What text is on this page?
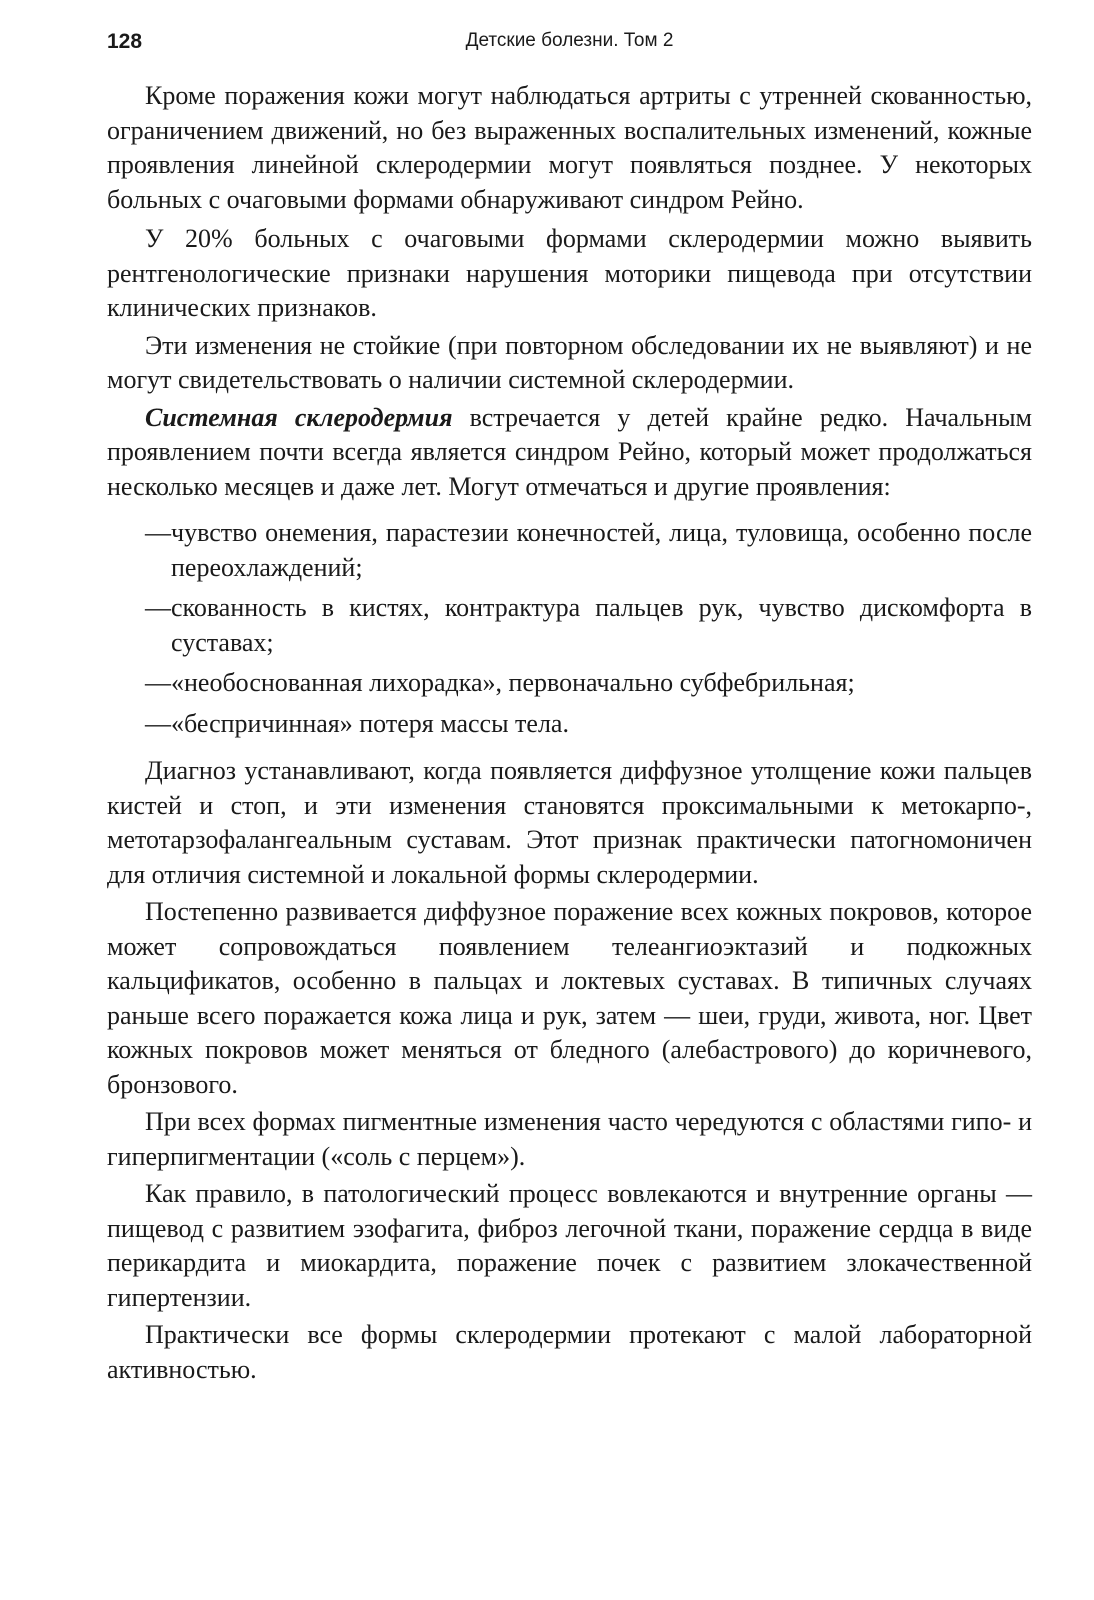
128	Детские болезни. Том 2

Кроме поражения кожи могут наблюдаться артриты с утренней скованностью, ограничением движений, но без выраженных воспалительных изменений, кожные проявления линейной склеродермии могут появляться позднее. У некоторых больных с очаговыми формами обнаруживают синдром Рейно.

У 20% больных с очаговыми формами склеродермии можно выявить рентгенологические признаки нарушения моторики пищевода при отсутствии клинических признаков.

Эти изменения не стойкие (при повторном обследовании их не выявляют) и не могут свидетельствовать о наличии системной склеродермии.

Системная склеродермия встречается у детей крайне редко. Начальным проявлением почти всегда является синдром Рейно, который может продолжаться несколько месяцев и даже лет. Могут отмечаться и другие проявления:

— чувство онемения, парастезии конечностей, лица, туловища, особенно после переохлаждений;
— скованность в кистях, контрактура пальцев рук, чувство дискомфорта в суставах;
— «необоснованная лихорадка», первоначально субфебрильная;
— «беспричинная» потеря массы тела.

Диагноз устанавливают, когда появляется диффузное утолщение кожи пальцев кистей и стоп, и эти изменения становятся проксимальными к метокарпо-, метотарзофалангеальным суставам. Этот признак практически патогномоничен для отличия системной и локальной формы склеродермии.

Постепенно развивается диффузное поражение всех кожных покровов, которое может сопровождаться появлением телеангиоэктазий и подкожных кальцификатов, особенно в пальцах и локтевых суставах. В типичных случаях раньше всего поражается кожа лица и рук, затем — шеи, груди, живота, ног. Цвет кожных покровов может меняться от бледного (алебастрового) до коричневого, бронзового.

При всех формах пигментные изменения часто чередуются с областями гипо- и гиперпигментации («соль с перцем»).

Как правило, в патологический процесс вовлекаются и внутренние органы — пищевод с развитием эзофагита, фиброз легочной ткани, поражение сердца в виде перикардита и миокардита, поражение почек с развитием злокачественной гипертензии.

Практически все формы склеродермии протекают с малой лабораторной активностью.
